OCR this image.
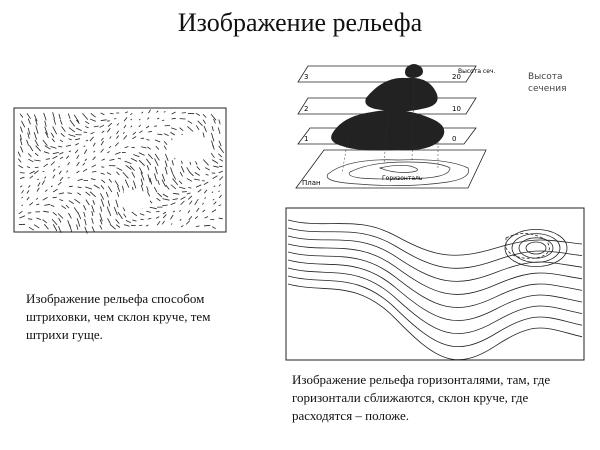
Изображение рельефа
3
2
1
20
10
0
Высота сеч.
План
Горизонталь
Высота
сечения
Изображение рельефа способом штриховки, чем склон круче, тем штрихи гуще.
Изображение рельефа горизонталями, там, где горизонтали сближаются, склон круче, где расходятся – положе.
